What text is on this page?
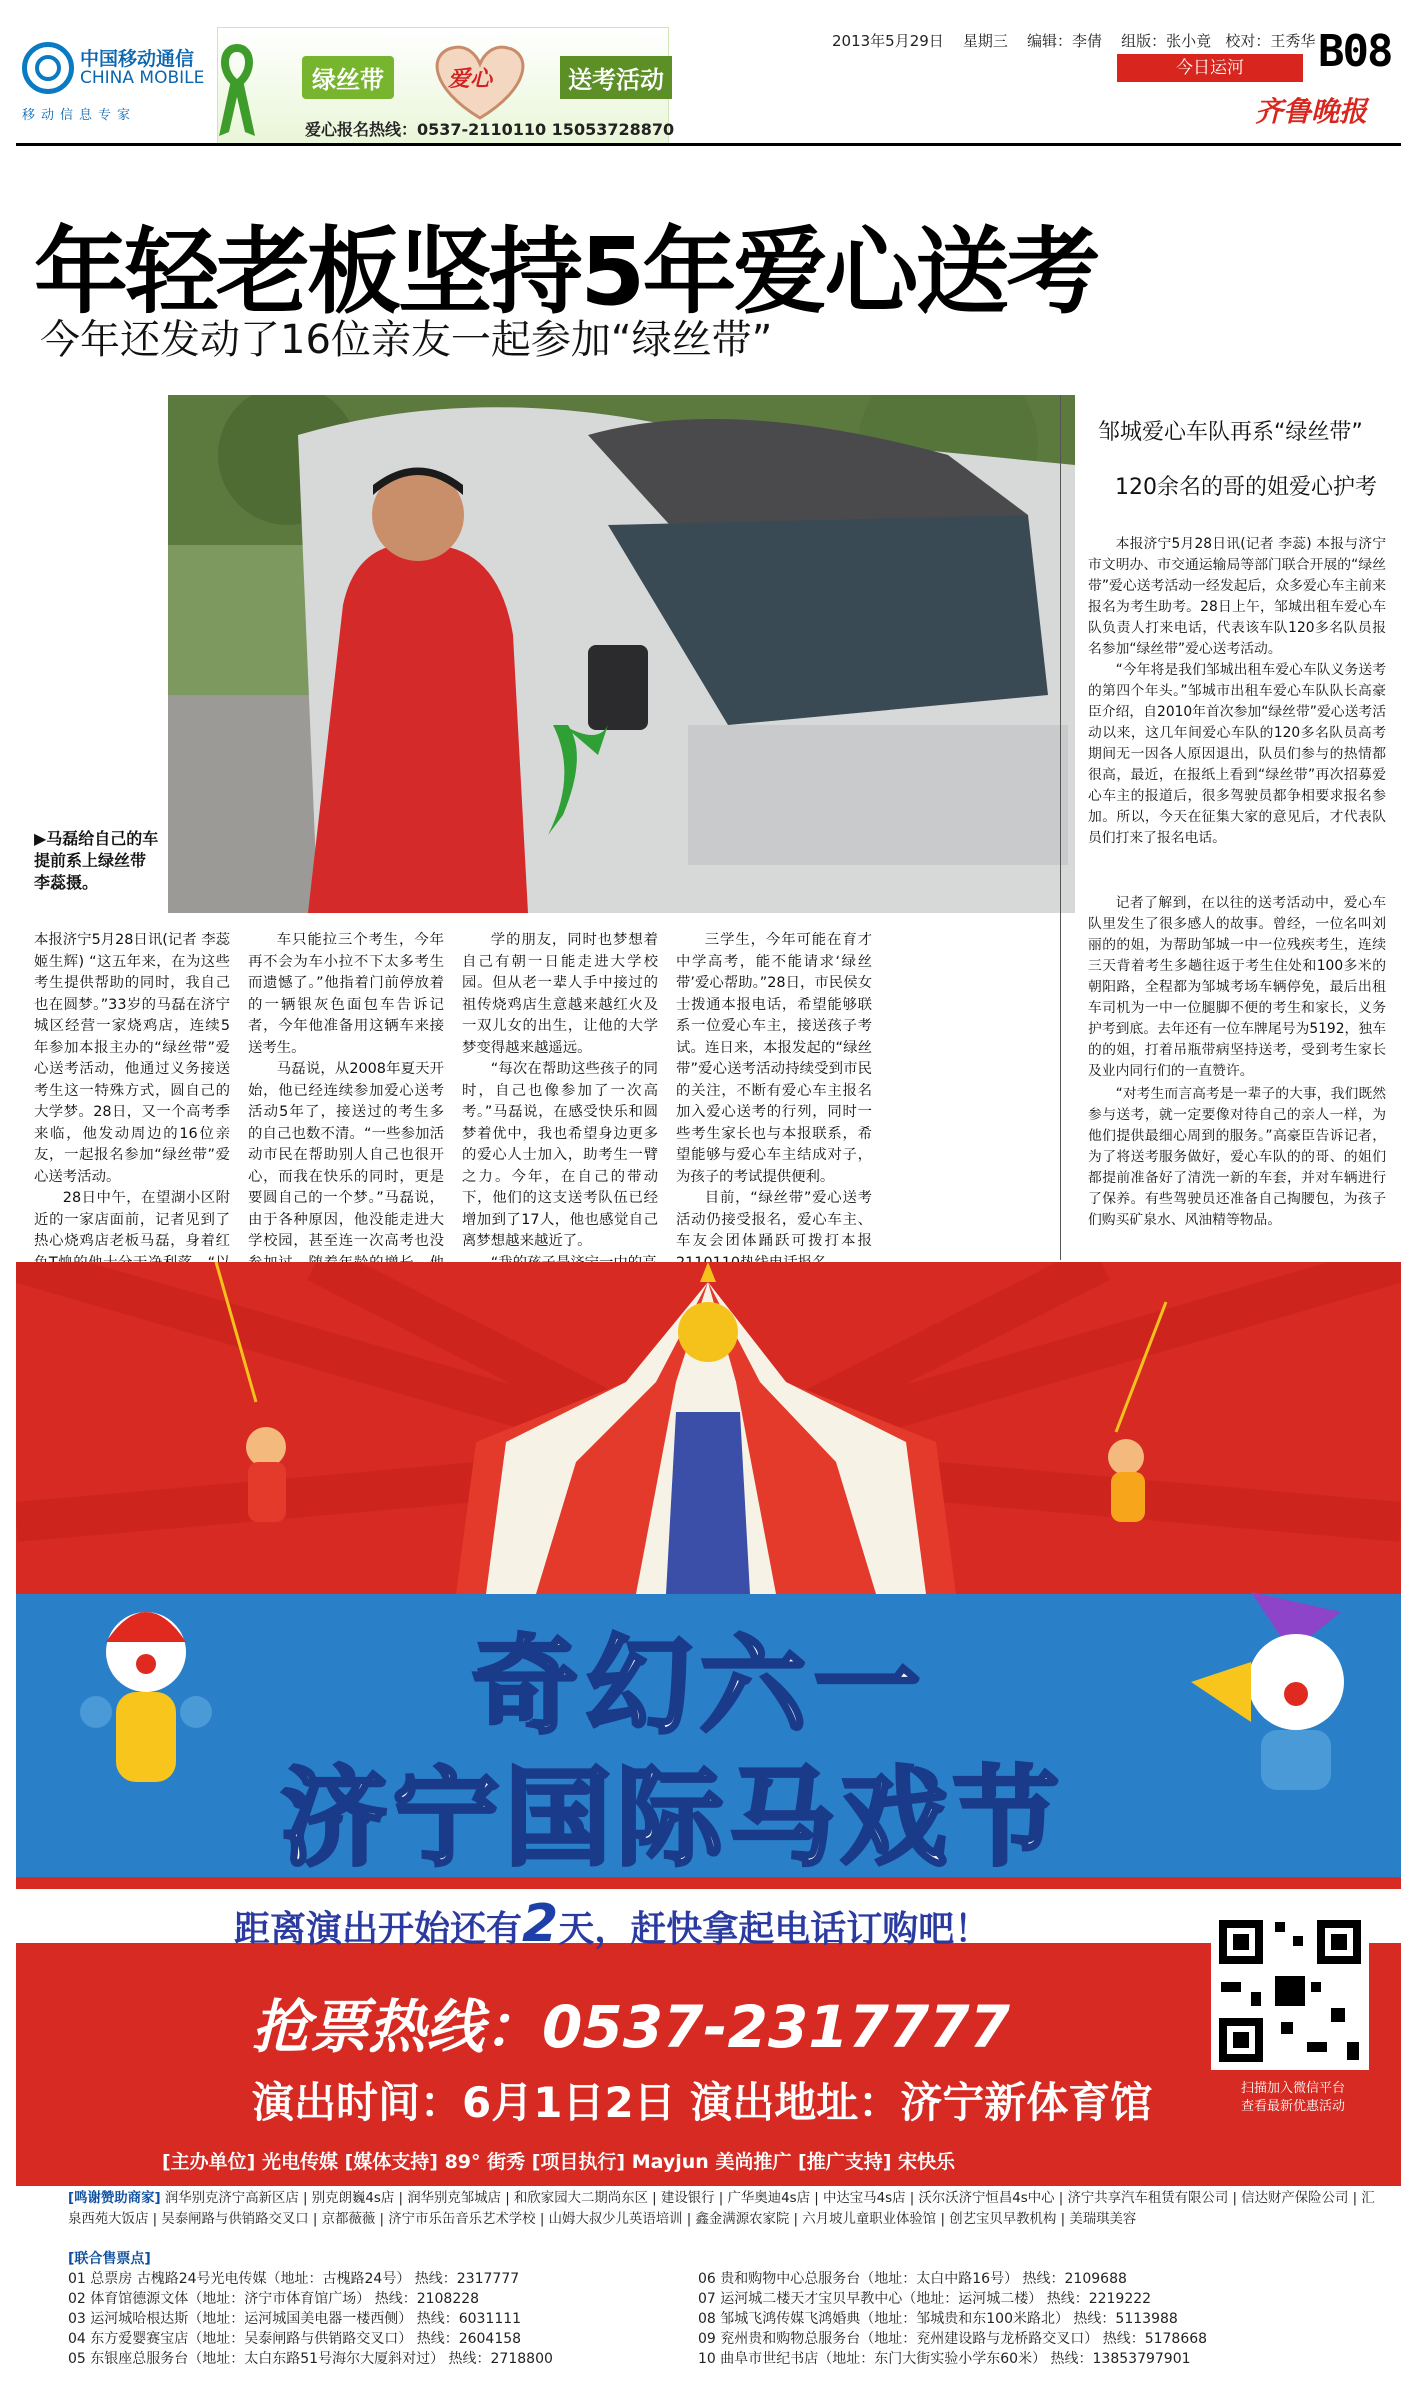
中国移动通信
CHINA MOBILE
移动信息专家
绿丝带	爱心	送考活动
爱心报名热线：0537-2110110 15053728870
2013年5月29日 星期三 编辑：李倩 组版：张小竟 校对：王秀华
今日运河	B08
齐鲁晚报
年轻老板坚持5年爱心送考
今年还发动了16位亲友一起参加“绿丝带”
▶马磊给自己的车提前系上绿丝带 李蕊摄。

本报济宁5月28日讯(记者 李蕊 姬生辉) “这五年来，在为这些考生提供帮助的同时，我自己也在圆梦。”33岁的马磊在济宁城区经营一家烧鸡店，连续5年参加本报主办的“绿丝带”爱心送考活动，他通过义务接送考生这一特殊方式，圆自己的大学梦。28日，又一个高考季来临，他发动周边的16位亲友，一起报名参加“绿丝带”爱心送考活动。

28日中午，在望湖小区附近的一家店面前，记者见到了热心烧鸡店老板马磊，身着红

车只能拉三个考生，今年再不会为车小拉不下太多考生而遗憾了。”他指着门前停放着的一辆银灰色面包车告诉记者，今年他准备用这辆车来接送考生。

马磊说，从2008年夏天开始，他已经连续参加爱心送考活动5年了，接送过的考生多的自己也数不清。“一些参加活动市民在帮助别人自己也很开心，而我在快乐的同时，更是要圆自己的一个梦。”马磊说，由于各种原因，他没能走进大学校园，甚至连一次高考也没

学的朋友，同时也梦想着自己有朝一日能走进大学校园。但从老一辈人手中接过的祖传烧鸡店生意越来越红火及一双儿女的出生，让他的大学梦变得越来越遥远。

“每次在帮助这些孩子的同时，自己也像参加了一次高考。”马磊说，在感受快乐和圆梦着优中，我也希望身边更多的爱心人士加入，助考生一臂之力。今年，在自己的带动下，他们的这支送考队伍已经增加到了17人，他也感觉自己离梦想越来越近了。

三学生，今年可能在育才中学高考，能不能请求‘绿丝带’爱心帮助。”28日，市民侯女士拨通本报电话，希望能够联系一位爱心车主，接送孩子考试。连日来，本报发起的“绿丝带”爱心送考活动持续受到市民的关注，不断有爱心车主报名加入爱心送考的行列，同时一些考生家长也与本报联系，希望能够与爱心车主结成对子，为孩子的考试提供便利。

目前，“绿丝带”爱心送考活动仍接受报名，爱心车主、车友会团体踊跃可拨打本报

邹城爱心车队再系“绿丝带”
120余名的哥的姐爱心护考
本报济宁5月28日讯(记者 李蕊) 本报与济宁市文明办、市交通运输局等部门联合开展的“绿丝带”爱心送考活动一经发起后，众多爱心车主前来报名为考生助考。28日上午，邹城出租车爱心车队负责人打来电话，代表该车队120多名队员报名参加“绿丝带”爱心送考活动。
“今年将是我们邹城出租车爱心车队义务送考的第四个年头。”邹城市出租车爱心车队队长高豪臣介绍，自2010年首次参加“绿丝带”爱心送考活动以来，这几年间爱心车队的120多名队员高考期间无一因各人原因退出，队员们参与的热情都很高，最近，在报纸上看到“绿丝带”再次招募爱心车主的报道后，很多驾驶员都争相要求报名参加。所以，今天在征集大家的意见后，才代表队员们打来了报名电话。
记者了解到，在以往的送考活动中，爱心车队里发生了很多感人的故事。曾经，一位名叫刘丽的的姐，为帮助邹城一中一位残疾考生，连续三天背着考生多趟往返于考生住处和100多米的朝阳路，全程都为邹城考场车辆停免，最后出租车司机为一中一位腿脚不便的考生和家长，义务护考到底。去年还有一位车牌尾号为5192，独车的的姐，打着吊瓶带病坚持送考，受到考生家长及业内同行们的一直赞许。
“对考生而言高考是一辈子的大事，我们既然参与送考，就一定要像对待自己的亲人一样，为他们提供最细心周到的服务。”高豪臣告诉记者，为了将送考服务做好，爱心车队的的哥、的姐们都提前准备好了清洗一新的车套，并对车辆进行了保养。有些驾驶员还准备自己掏腰包，为孩子们购买矿泉水、风油精等物品。
奇幻六一
济宁国际马戏节
距离演出开始还有2天，赶快拿起电话订购吧！
抢票热线：0537-2317777
演出时间：6月1日2日 演出地址：济宁新体育馆
[主办单位] 光电传媒 [媒体支持] 89° 街秀 [项目执行] Mayjun 美尚推广 [推广支持] 宋快乐
扫描加入微信平台
查看最新优惠活动
[鸣谢赞助商家] 润华别克济宁高新区店 | 别克朗巍4s店 | 润华别克邹城店 | 和欣家园大二期尚东区 | 建设银行 | 广华奥迪4s店 | 中达宝马4s店 | 沃尔沃济宁恒昌4s中心 | 济宁共享汽车租赁有限公司 | 信达财产保险公司 | 汇泉西苑大饭店 | 吴泰闸路与供销路交叉口 | 京都薇薇 | 济宁市乐缶音乐艺术学校 | 山姆大叔少儿英语培训 | 鑫金满源农家院 | 六月坡儿童职业体验馆 | 创艺宝贝早教机构 | 美瑞琪美容
[联合售票点]
01 总票房 古槐路24号光电传媒（地址：古槐路24号） 热线：2317777
02 体育馆德源文体（地址：济宁市体育馆广场） 热线：2108228
03 运河城哈根达斯（地址：运河城国美电器一楼西侧） 热线：6031111
04 东方爱婴赛宝店（地址：吴泰闸路与供销路交叉口） 热线：2604158
05 东银座总服务台（地址：太白东路51号海尔大厦斜对过） 热线：2718800
06 贵和购物中心总服务台（地址：太白中路16号） 热线：2109688
07 运河城二楼天才宝贝早教中心（地址：运河城二楼） 热线：2219222
08 邹城飞鸿传媒飞鸿婚典（地址：邹城贵和东100米路北） 热线：5113988
09 兖州贵和购物总服务台（地址：兖州建设路与龙桥路交叉口） 热线：5178668
10 曲阜市世纪书店（地址：东门大街实验小学东60米） 热线：13853797901
